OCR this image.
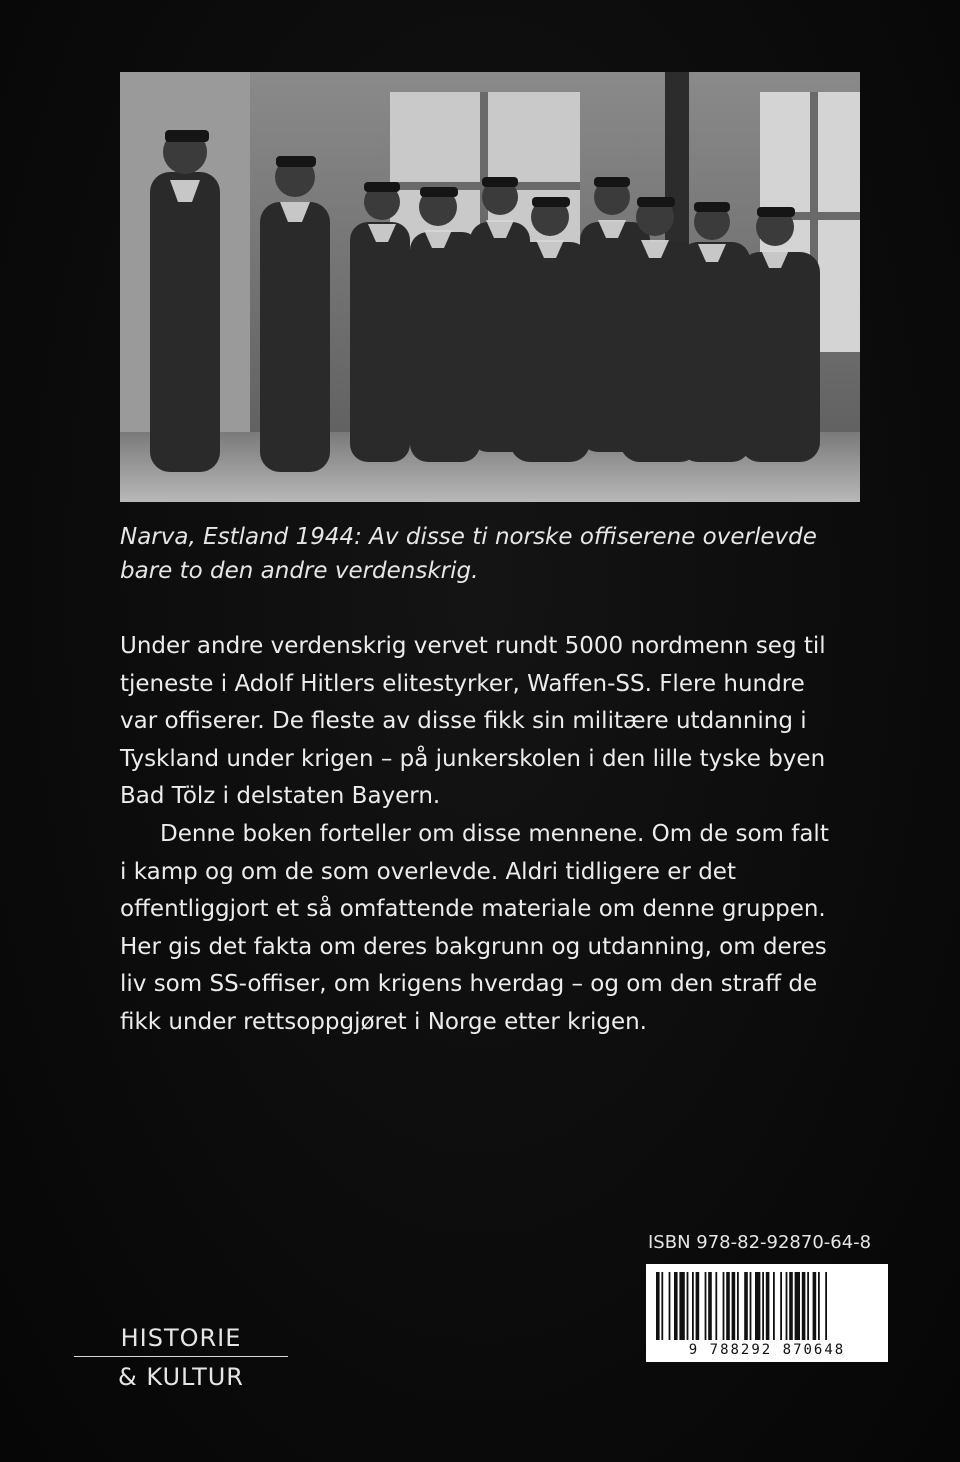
Narva, Estland 1944: Av disse ti norske offiserene overlevde
bare to den andre verdenskrig.

Under andre verdenskrig vervet rundt 5000 nordmenn seg til tjeneste i Adolf Hitlers elitestyrker, Waffen-SS. Flere hundre var offiserer. De fleste av disse fikk sin militære utdanning i Tyskland under krigen – på junkerskolen i den lille tyske byen Bad Tölz i delstaten Bayern.

Denne boken forteller om disse mennene. Om de som falt i kamp og om de som overlevde. Aldri tidligere er det offentliggjort et så omfattende materiale om denne gruppen. Her gis det fakta om deres bakgrunn og utdanning, om deres liv som SS-offiser, om krigens hverdag – og om den straff de fikk under rettsoppgjøret i Norge etter krigen.

ISBN 978-82-92870-64-8
9 788292 870648
HISTORIE
& KULTUR
